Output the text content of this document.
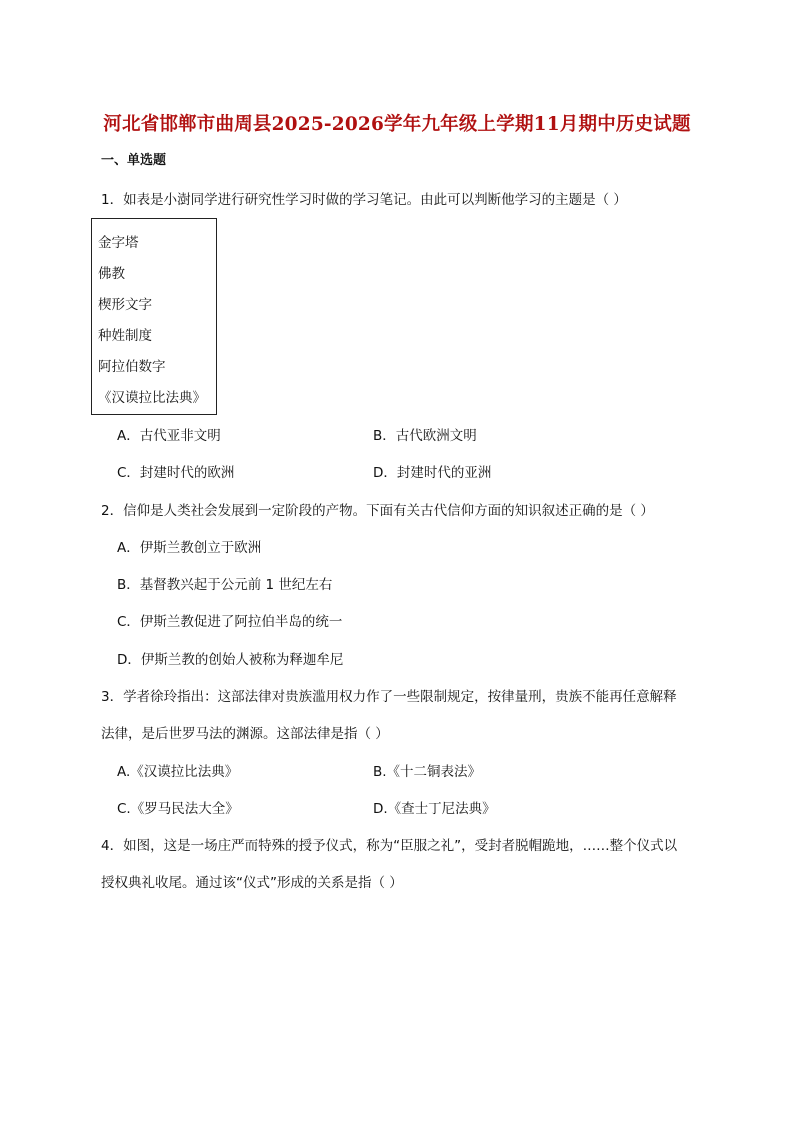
河北省邯郸市曲周县2025-2026学年九年级上学期11月期中历史试题
一、单选题
1．如表是小澍同学进行研究性学习时做的学习笔记。由此可以判断他学习的主题是（ ）
金字塔
佛教
楔形文字
种姓制度
阿拉伯数字
《汉谟拉比法典》
A．古代亚非文明	B．古代欧洲文明
C．封建时代的欧洲	D．封建时代的亚洲
2．信仰是人类社会发展到一定阶段的产物。下面有关古代信仰方面的知识叙述正确的是（ ）
A．伊斯兰教创立于欧洲
B．基督教兴起于公元前 1 世纪左右
C．伊斯兰教促进了阿拉伯半岛的统一
D．伊斯兰教的创始人被称为释迦牟尼
3．学者徐玲指出：这部法律对贵族滥用权力作了一些限制规定，按律量刑，贵族不能再任意解释
法律，是后世罗马法的渊源。这部法律是指（ ）
A.《汉谟拉比法典》	B.《十二铜表法》
C.《罗马民法大全》	D.《查士丁尼法典》
4．如图，这是一场庄严而特殊的授予仪式，称为“臣服之礼”，受封者脱帽跪地，……整个仪式以
授权典礼收尾。通过该“仪式”形成的关系是指（ ）
